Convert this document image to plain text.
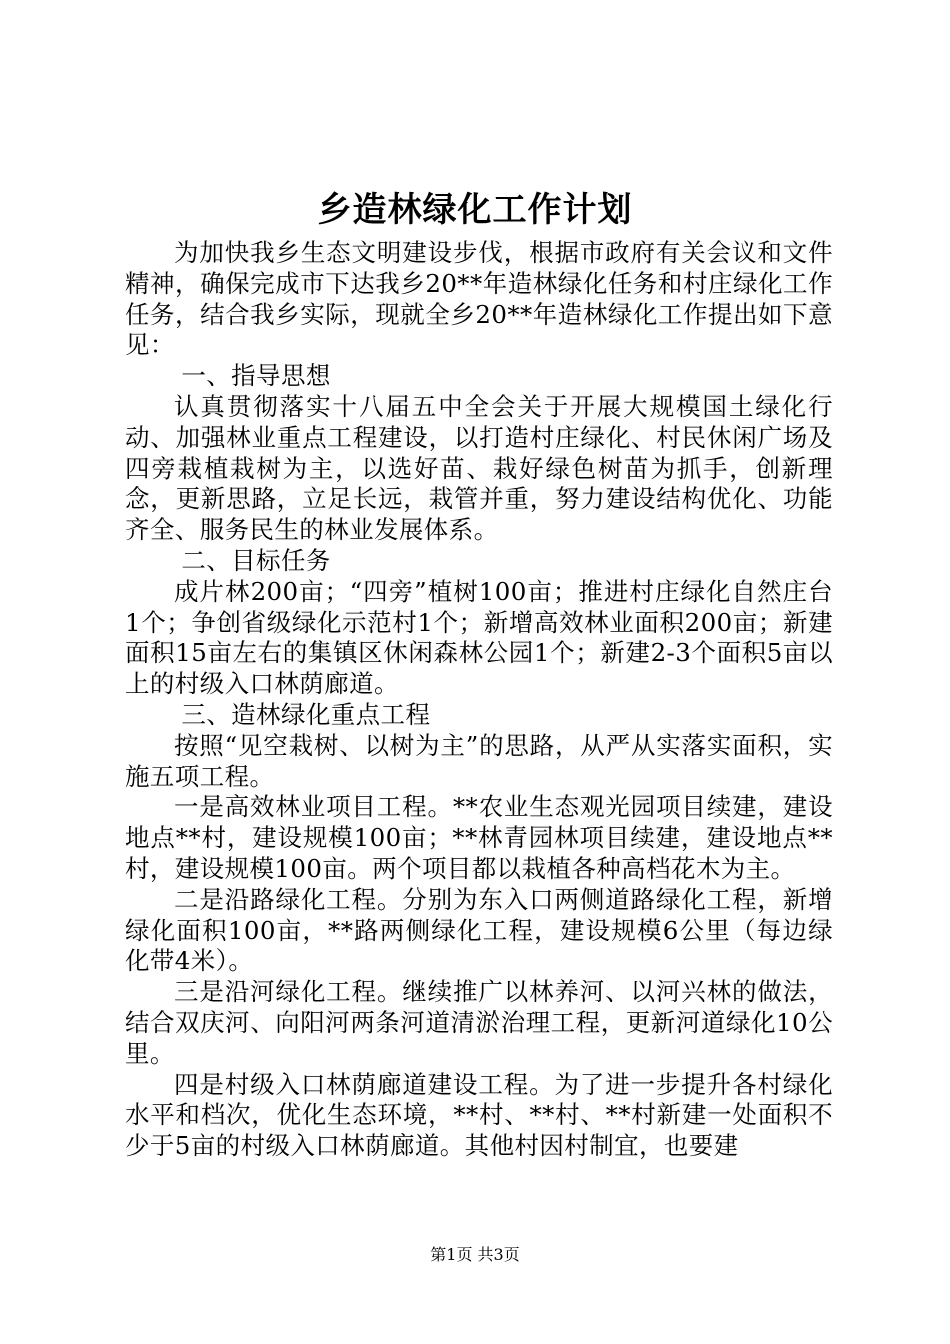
乡造林绿化工作计划

为加快我乡生态文明建设步伐，根据市政府有关会议和文件精神，确保完成市下达我乡20**年造林绿化任务和村庄绿化工作任务，结合我乡实际，现就全乡20**年造林绿化工作提出如下意见：

一、指导思想

认真贯彻落实十八届五中全会关于开展大规模国土绿化行动、加强林业重点工程建设，以打造村庄绿化、村民休闲广场及四旁栽植栽树为主，以选好苗、栽好绿色树苗为抓手，创新理念，更新思路，立足长远，栽管并重，努力建设结构优化、功能齐全、服务民生的林业发展体系。

二、目标任务

成片林200亩；“四旁”植树100亩；推进村庄绿化自然庄台1个；争创省级绿化示范村1个；新增高效林业面积200亩；新建面积15亩左右的集镇区休闲森林公园1个；新建2-3个面积5亩以上的村级入口林荫廊道。

三、造林绿化重点工程

按照“见空栽树、以树为主”的思路，从严从实落实面积，实施五项工程。

一是高效林业项目工程。**农业生态观光园项目续建，建设地点**村，建设规模100亩；**林青园林项目续建，建设地点**村，建设规模100亩。两个项目都以栽植各种高档花木为主。

二是沿路绿化工程。分别为东入口两侧道路绿化工程，新增绿化面积100亩，**路两侧绿化工程，建设规模6公里（每边绿化带4米）。

三是沿河绿化工程。继续推广以林养河、以河兴林的做法，结合双庆河、向阳河两条河道清淤治理工程，更新河道绿化10公里。

四是村级入口林荫廊道建设工程。为了进一步提升各村绿化水平和档次，优化生态环境，**村、**村、**村新建一处面积不少于5亩的村级入口林荫廊道。其他村因村制宜，也要建

第1页 共3页
